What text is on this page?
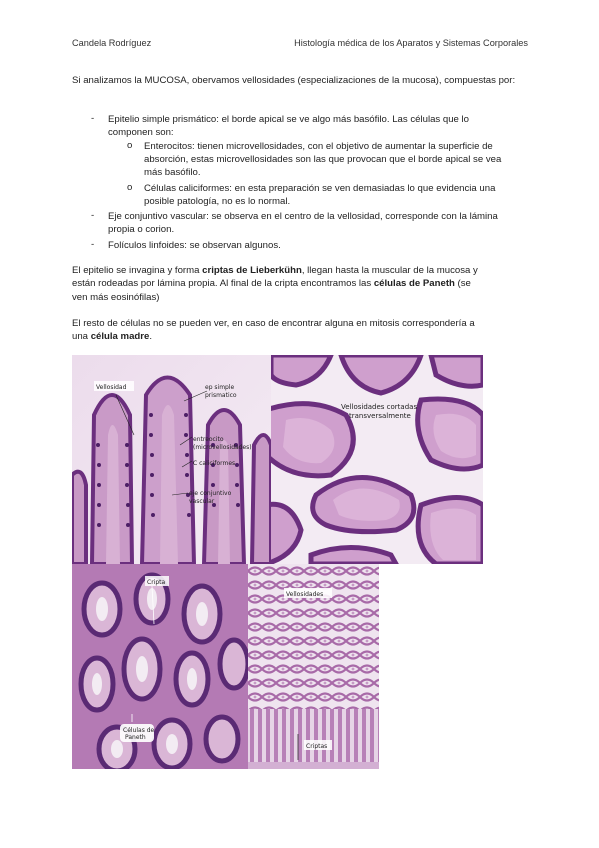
Candela Rodríguez	Histología médica de los Aparatos y Sistemas Corporales
Si analizamos la MUCOSA, obervamos vellosidades (especializaciones de la mucosa), compuestas por:
- Epitelio simple prismático: el borde apical se ve algo más basófilo. Las células que lo
componen son:
o Enterocitos: tienen microvellosidades, con el objetivo de aumentar la superficie de
absorción, estas microvellosidades son las que provocan que el borde apical se vea
más basófilo.
o Células caliciformes: en esta preparación se ven demasiadas lo que evidencia una
posible patología, no es lo normal.
- Eje conjuntivo vascular: se observa en el centro de la vellosidad, corresponde con la lámina
propia o corion.
- Folículos linfoides: se observan algunos.
El epitelio se invagina y forma criptas de Lieberkühn, llegan hasta la muscular de la mucosa y
están rodeadas por lámina propia. Al final de la cripta encontramos las células de Paneth (se
ven más eosinófilas)
El resto de células no se pueden ver, en caso de encontrar alguna en mitosis correspondería a
una célula madre.
Vellosidad	ep simple
prismatico
entreocito
(microvellosidades)
C caliciformes
eje conjuntivo
vascular
Vellosidades cortadas
transversalmente
Cripta
Células de
Paneth
Vellosidades
Criptas
